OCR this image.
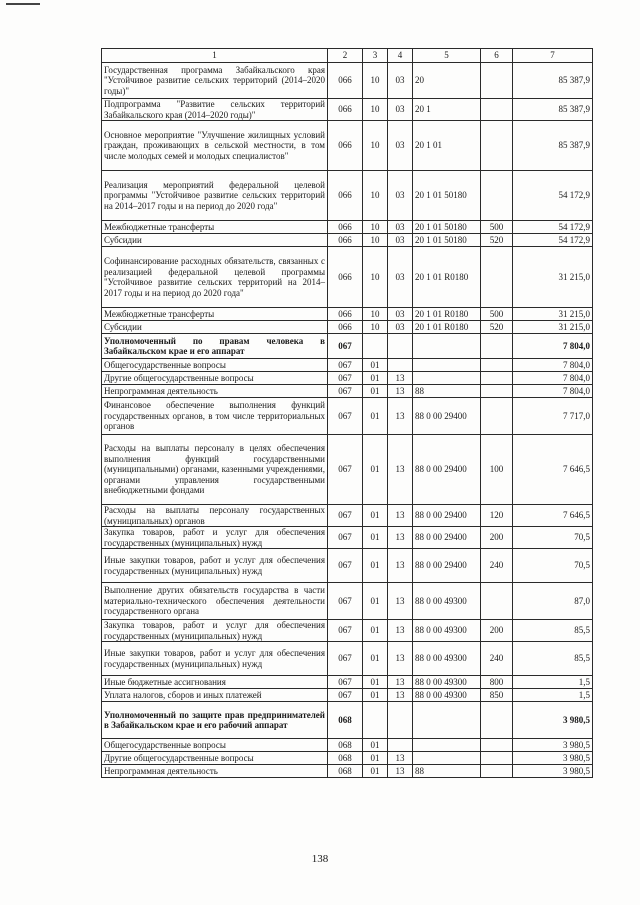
1	2	3	4	5	6	7
Государственная программа Забайкальского края "Устойчивое развитие сельских территорий (2014–2020 годы)"	066	10	03	20		85 387,9
Подпрограмма "Развитие сельских территорий Забайкальского края (2014–2020 годы)"	066	10	03	20 1		85 387,9
Основное мероприятие "Улучшение жилищных условий граждан, проживающих в сельской местности, в том числе молодых семей и молодых специалистов"	066	10	03	20 1 01		85 387,9
Реализация мероприятий федеральной целевой программы "Устойчивое развитие сельских территорий на 2014–2017 годы и на период до 2020 года"	066	10	03	20 1 01 50180		54 172,9
Межбюджетные трансферты	066	10	03	20 1 01 50180	500	54 172,9
Субсидии	066	10	03	20 1 01 50180	520	54 172,9
Софинансирование расходных обязательств, связанных с реализацией федеральной целевой программы "Устойчивое развитие сельских территорий на 2014–2017 годы и на период до 2020 года"	066	10	03	20 1 01 R0180		31 215,0
Межбюджетные трансферты	066	10	03	20 1 01 R0180	500	31 215,0
Субсидии	066	10	03	20 1 01 R0180	520	31 215,0
Уполномоченный по правам человека в Забайкальском крае и его аппарат	067					7 804,0
Общегосударственные вопросы	067	01				7 804,0
Другие общегосударственные вопросы	067	01	13			7 804,0
Непрограммная деятельность	067	01	13	88		7 804,0
Финансовое обеспечение выполнения функций государственных органов, в том числе территориальных органов	067	01	13	88 0 00 29400		7 717,0
Расходы на выплаты персоналу в целях обеспечения выполнения функций государственными (муниципальными) органами, казенными учреждениями, органами управления государственными внебюджетными фондами	067	01	13	88 0 00 29400	100	7 646,5
Расходы на выплаты персоналу государственных (муниципальных) органов	067	01	13	88 0 00 29400	120	7 646,5
Закупка товаров, работ и услуг для обеспечения государственных (муниципальных) нужд	067	01	13	88 0 00 29400	200	70,5
Иные закупки товаров, работ и услуг для обеспечения государственных (муниципальных) нужд	067	01	13	88 0 00 29400	240	70,5
Выполнение других обязательств государства в части материально-технического обеспечения деятельности государственного органа	067	01	13	88 0 00 49300		87,0
Закупка товаров, работ и услуг для обеспечения государственных (муниципальных) нужд	067	01	13	88 0 00 49300	200	85,5
Иные закупки товаров, работ и услуг для обеспечения государственных (муниципальных) нужд	067	01	13	88 0 00 49300	240	85,5
Иные бюджетные ассигнования	067	01	13	88 0 00 49300	800	1,5
Уплата налогов, сборов и иных платежей	067	01	13	88 0 00 49300	850	1,5
Уполномоченный по защите прав предпринимателей в Забайкальском крае и его рабочий аппарат	068					3 980,5
Общегосударственные вопросы	068	01				3 980,5
Другие общегосударственные вопросы	068	01	13			3 980,5
Непрограммная деятельность	068	01	13	88		3 980,5
138
